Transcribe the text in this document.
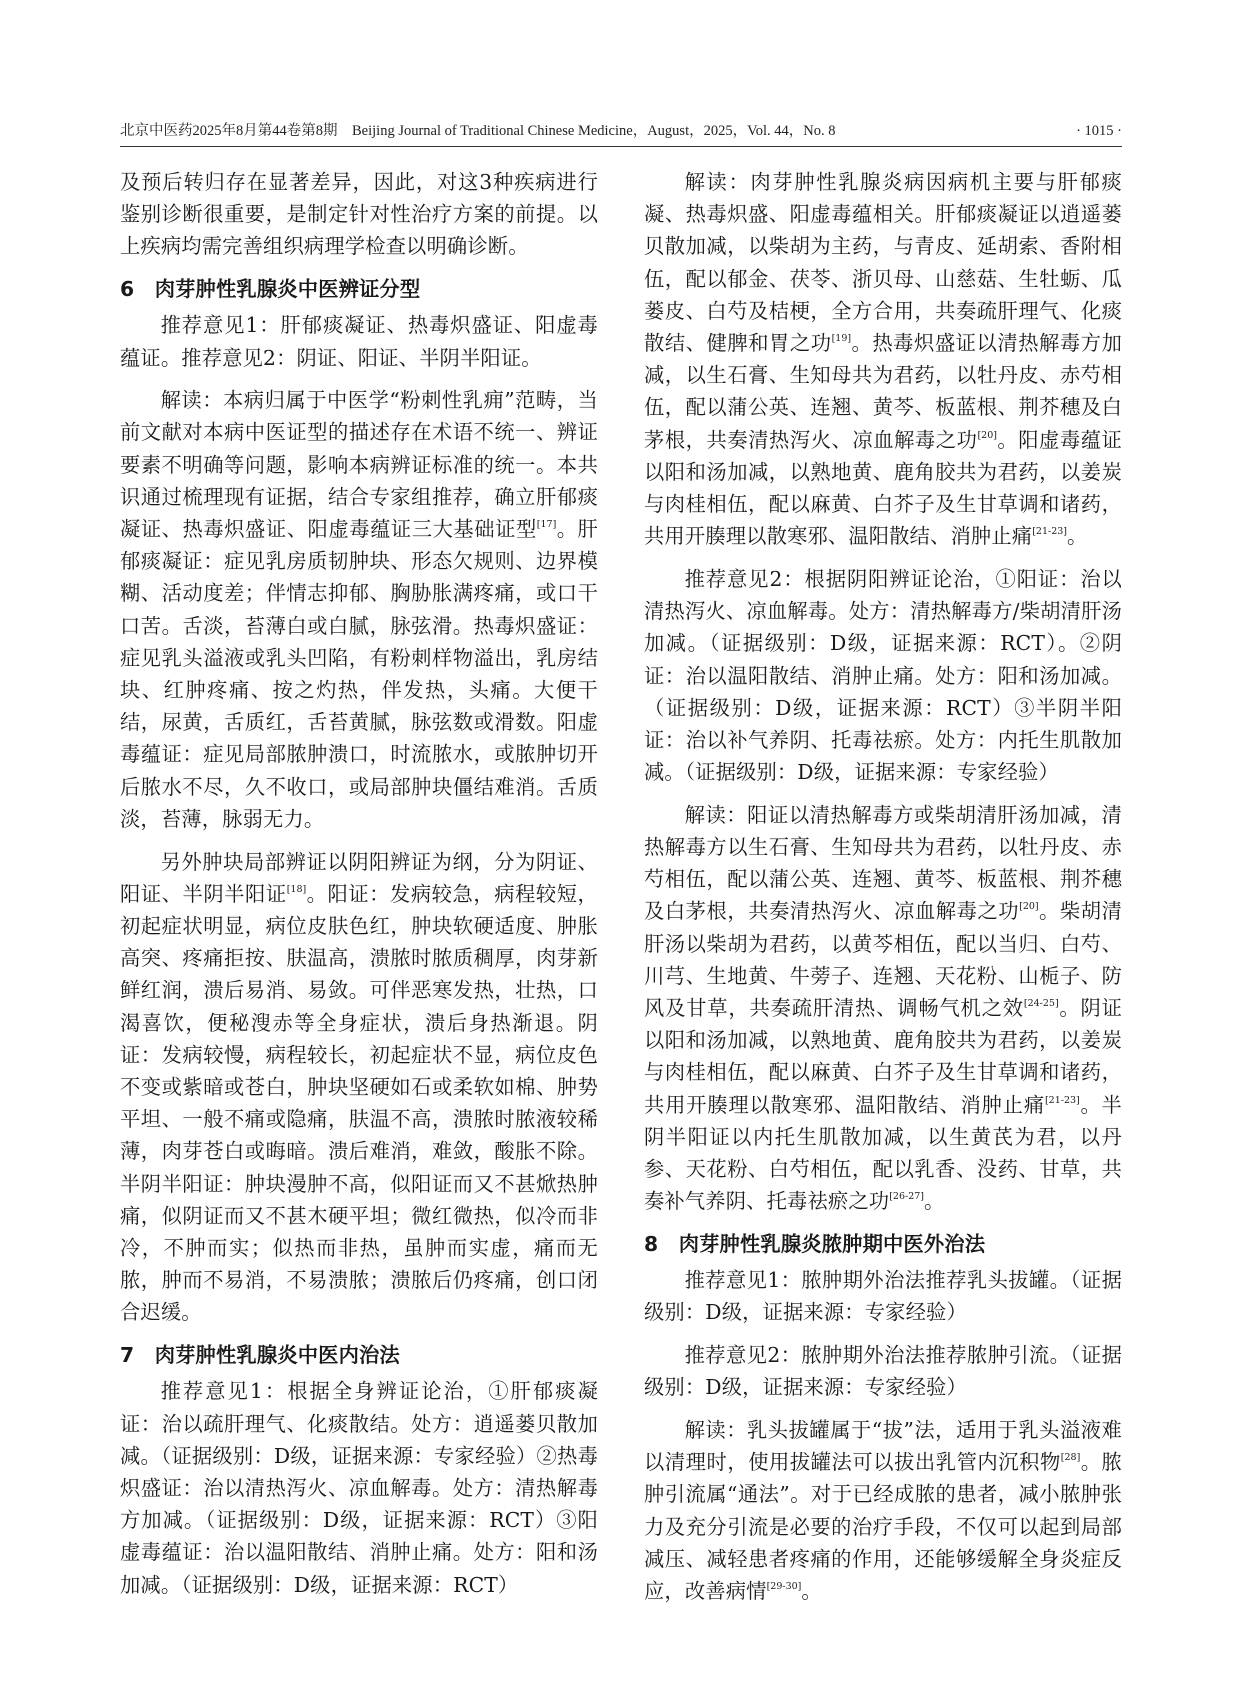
北京中医药2025年8月第44卷第8期　Beijing Journal of Traditional Chinese Medicine，August，2025，Vol. 44，No. 8	· 1015 ·

及预后转归存在显著差异，因此，对这3种疾病进行鉴别诊断很重要，是制定针对性治疗方案的前提。以上疾病均需完善组织病理学检查以明确诊断。

6　肉芽肿性乳腺炎中医辨证分型

推荐意见1：肝郁痰凝证、热毒炽盛证、阳虚毒蕴证。推荐意见2：阴证、阳证、半阴半阳证。

解读：本病归属于中医学“粉刺性乳痈”范畴，当前文献对本病中医证型的描述存在术语不统一、辨证要素不明确等问题，影响本病辨证标准的统一。本共识通过梳理现有证据，结合专家组推荐，确立肝郁痰凝证、热毒炽盛证、阳虚毒蕴证三大基础证型[17]。肝郁痰凝证：症见乳房质韧肿块、形态欠规则、边界模糊、活动度差；伴情志抑郁、胸胁胀满疼痛，或口干口苦。舌淡，苔薄白或白腻，脉弦滑。热毒炽盛证：症见乳头溢液或乳头凹陷，有粉刺样物溢出，乳房结块、红肿疼痛、按之灼热，伴发热，头痛。大便干结，尿黄，舌质红，舌苔黄腻，脉弦数或滑数。阳虚毒蕴证：症见局部脓肿溃口，时流脓水，或脓肿切开后脓水不尽，久不收口，或局部肿块僵结难消。舌质淡，苔薄，脉弱无力。

另外肿块局部辨证以阴阳辨证为纲，分为阴证、阳证、半阴半阳证[18]。阳证：发病较急，病程较短，初起症状明显，病位皮肤色红，肿块软硬适度、肿胀高突、疼痛拒按、肤温高，溃脓时脓质稠厚，肉芽新鲜红润，溃后易消、易敛。可伴恶寒发热，壮热，口渴喜饮，便秘溲赤等全身症状，溃后身热渐退。阴证：发病较慢，病程较长，初起症状不显，病位皮色不变或紫暗或苍白，肿块坚硬如石或柔软如棉、肿势平坦、一般不痛或隐痛，肤温不高，溃脓时脓液较稀薄，肉芽苍白或晦暗。溃后难消，难敛，酸胀不除。半阴半阳证：肿块漫肿不高，似阳证而又不甚焮热肿痛，似阴证而又不甚木硬平坦；微红微热，似冷而非冷，不肿而实；似热而非热，虽肿而实虚，痛而无脓，肿而不易消，不易溃脓；溃脓后仍疼痛，创口闭合迟缓。

7　肉芽肿性乳腺炎中医内治法

推荐意见1：根据全身辨证论治，①肝郁痰凝证：治以疏肝理气、化痰散结。处方：逍遥蒌贝散加减。（证据级别：D级，证据来源：专家经验）②热毒炽盛证：治以清热泻火、凉血解毒。处方：清热解毒方加减。（证据级别：D级，证据来源：RCT）③阳虚毒蕴证：治以温阳散结、消肿止痛。处方：阳和汤加减。（证据级别：D级，证据来源：RCT）

解读：肉芽肿性乳腺炎病因病机主要与肝郁痰凝、热毒炽盛、阳虚毒蕴相关。肝郁痰凝证以逍遥蒌贝散加减，以柴胡为主药，与青皮、延胡索、香附相伍，配以郁金、茯苓、浙贝母、山慈菇、生牡蛎、瓜蒌皮、白芍及桔梗，全方合用，共奏疏肝理气、化痰散结、健脾和胃之功[19]。热毒炽盛证以清热解毒方加减，以生石膏、生知母共为君药，以牡丹皮、赤芍相伍，配以蒲公英、连翘、黄芩、板蓝根、荆芥穗及白茅根，共奏清热泻火、凉血解毒之功[20]。阳虚毒蕴证以阳和汤加减，以熟地黄、鹿角胶共为君药，以姜炭与肉桂相伍，配以麻黄、白芥子及生甘草调和诸药，共用开腠理以散寒邪、温阳散结、消肿止痛[21-23]。

推荐意见2：根据阴阳辨证论治，①阳证：治以清热泻火、凉血解毒。处方：清热解毒方/柴胡清肝汤加减。（证据级别：D级，证据来源：RCT）。②阴证：治以温阳散结、消肿止痛。处方：阳和汤加减。（证据级别：D级，证据来源：RCT）③半阴半阳证：治以补气养阴、托毒祛瘀。处方：内托生肌散加减。（证据级别：D级，证据来源：专家经验）

解读：阳证以清热解毒方或柴胡清肝汤加减，清热解毒方以生石膏、生知母共为君药，以牡丹皮、赤芍相伍，配以蒲公英、连翘、黄芩、板蓝根、荆芥穗及白茅根，共奏清热泻火、凉血解毒之功[20]。柴胡清肝汤以柴胡为君药，以黄芩相伍，配以当归、白芍、川芎、生地黄、牛蒡子、连翘、天花粉、山栀子、防风及甘草，共奏疏肝清热、调畅气机之效[24-25]。阴证以阳和汤加减，以熟地黄、鹿角胶共为君药，以姜炭与肉桂相伍，配以麻黄、白芥子及生甘草调和诸药，共用开腠理以散寒邪、温阳散结、消肿止痛[21-23]。半阴半阳证以内托生肌散加减，以生黄芪为君，以丹参、天花粉、白芍相伍，配以乳香、没药、甘草，共奏补气养阴、托毒祛瘀之功[26-27]。

8　肉芽肿性乳腺炎脓肿期中医外治法

推荐意见1：脓肿期外治法推荐乳头拔罐。（证据级别：D级，证据来源：专家经验）

推荐意见2：脓肿期外治法推荐脓肿引流。（证据级别：D级，证据来源：专家经验）

解读：乳头拔罐属于“拔”法，适用于乳头溢液难以清理时，使用拔罐法可以拔出乳管内沉积物[28]。脓肿引流属“通法”。对于已经成脓的患者，减小脓肿张力及充分引流是必要的治疗手段，不仅可以起到局部减压、减轻患者疼痛的作用，还能够缓解全身炎症反应，改善病情[29-30]。
